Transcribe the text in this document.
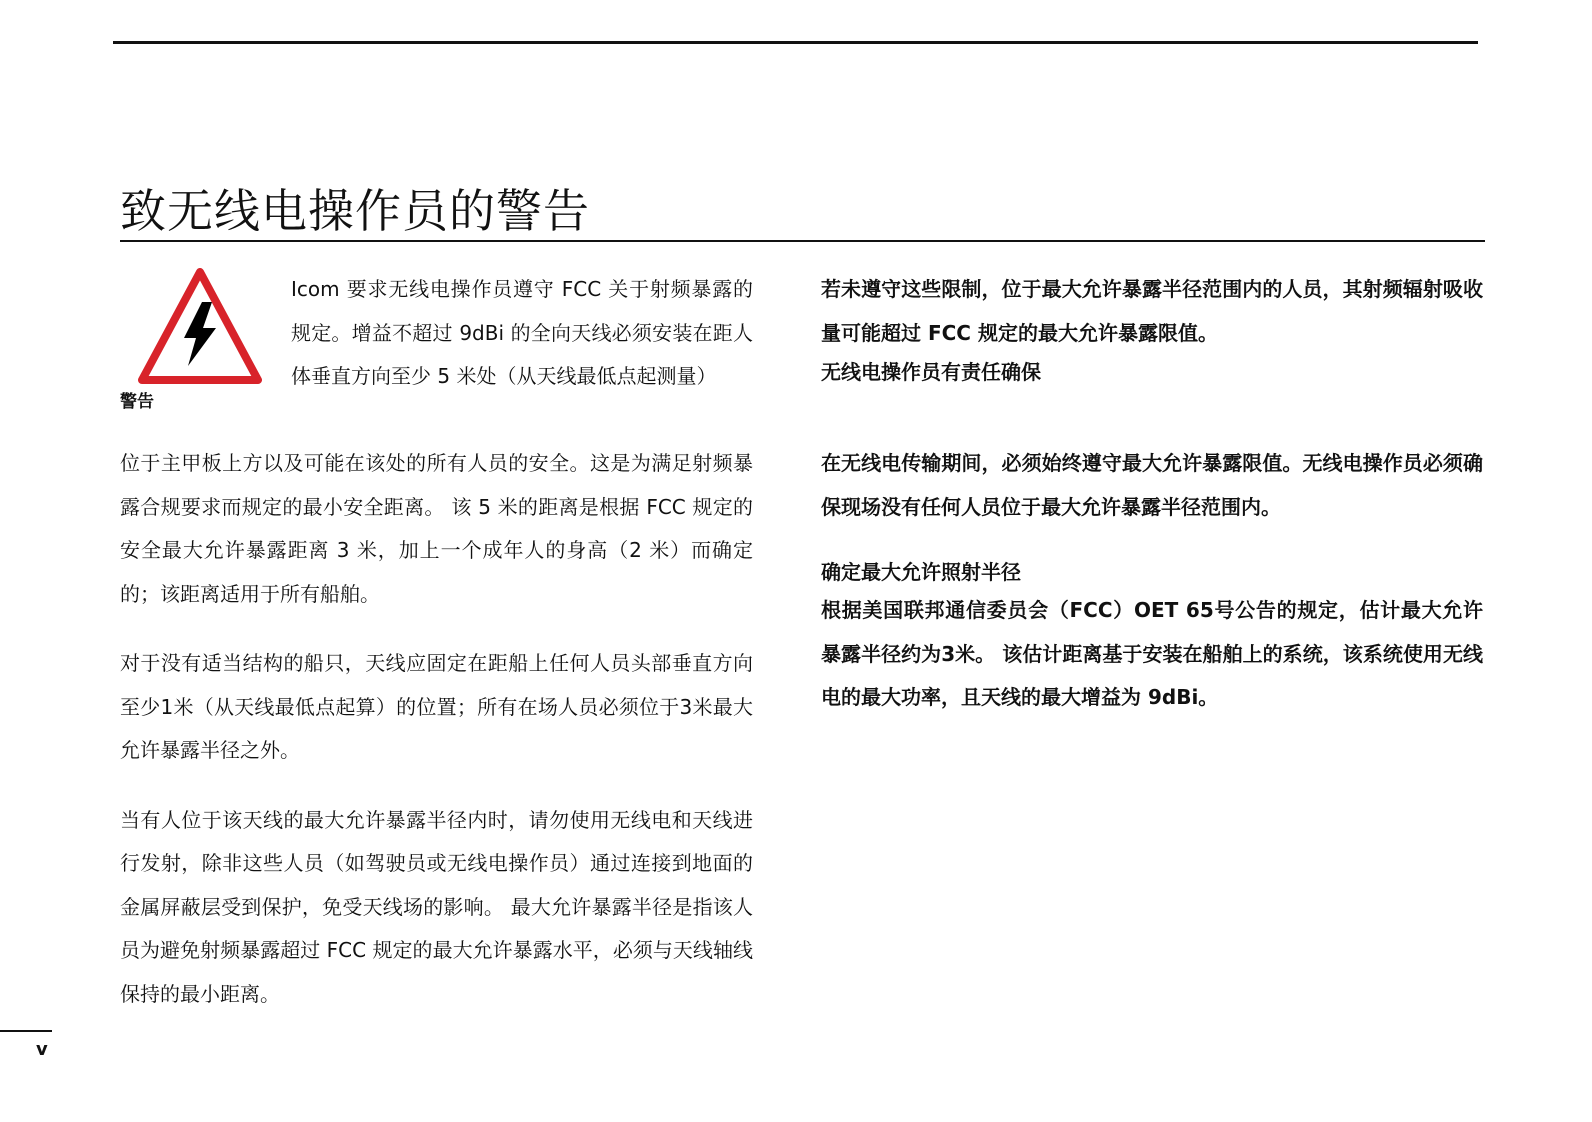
致无线电操作员的警告
警告

Icom 要求无线电操作员遵守 FCC 关于射频暴露的规定。增益不超过 9dBi 的全向天线必须安装在距人体垂直方向至少 5 米处（从天线最低点起测量）

位于主甲板上方以及可能在该处的所有人员的安全。这是为满足射频暴露合规要求而规定的最小安全距离。 该 5 米的距离是根据 FCC 规定的安全最大允许暴露距离 3 米，加上一个成年人的身高（2 米）而确定的；该距离适用于所有船舶。

对于没有适当结构的船只，天线应固定在距船上任何人员头部垂直方向至少1米（从天线最低点起算）的位置；所有在场人员必须位于3米最大允许暴露半径之外。

当有人位于该天线的最大允许暴露半径内时，请勿使用无线电和天线进行发射，除非这些人员（如驾驶员或无线电操作员）通过连接到地面的金属屏蔽层受到保护，免受天线场的影响。 最大允许暴露半径是指该人员为避免射频暴露超过 FCC 规定的最大允许暴露水平，必须与天线轴线保持的最小距离。

若未遵守这些限制，位于最大允许暴露半径范围内的人员，其射频辐射吸收量可能超过 FCC 规定的最大允许暴露限值。

无线电操作员有责任确保

在无线电传输期间，必须始终遵守最大允许暴露限值。无线电操作员必须确保现场没有任何人员位于最大允许暴露半径范围内。

确定最大允许照射半径

根据美国联邦通信委员会（FCC）OET 65号公告的规定，估计最大允许暴露半径约为3米。 该估计距离基于安装在船舶上的系统，该系统使用无线电的最大功率，且天线的最大增益为 9dBi。

v
